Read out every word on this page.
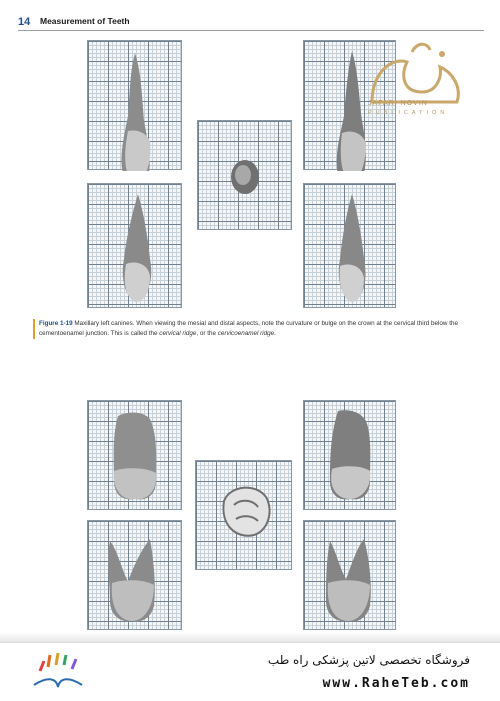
14 Measurement of Teeth
JAFARI NOVIN
PUBLICATION
Figure 1-19 Maxillary left canines. When viewing the mesial and distal aspects, note the curvature or bulge on the crown at the cervical third below the cementoenamel junction. This is called the cervical ridge, or the cervicoenamel ridge.
فروشگاه تخصصی لاتین پزشکی راه طب
www.RaheTeb.com
